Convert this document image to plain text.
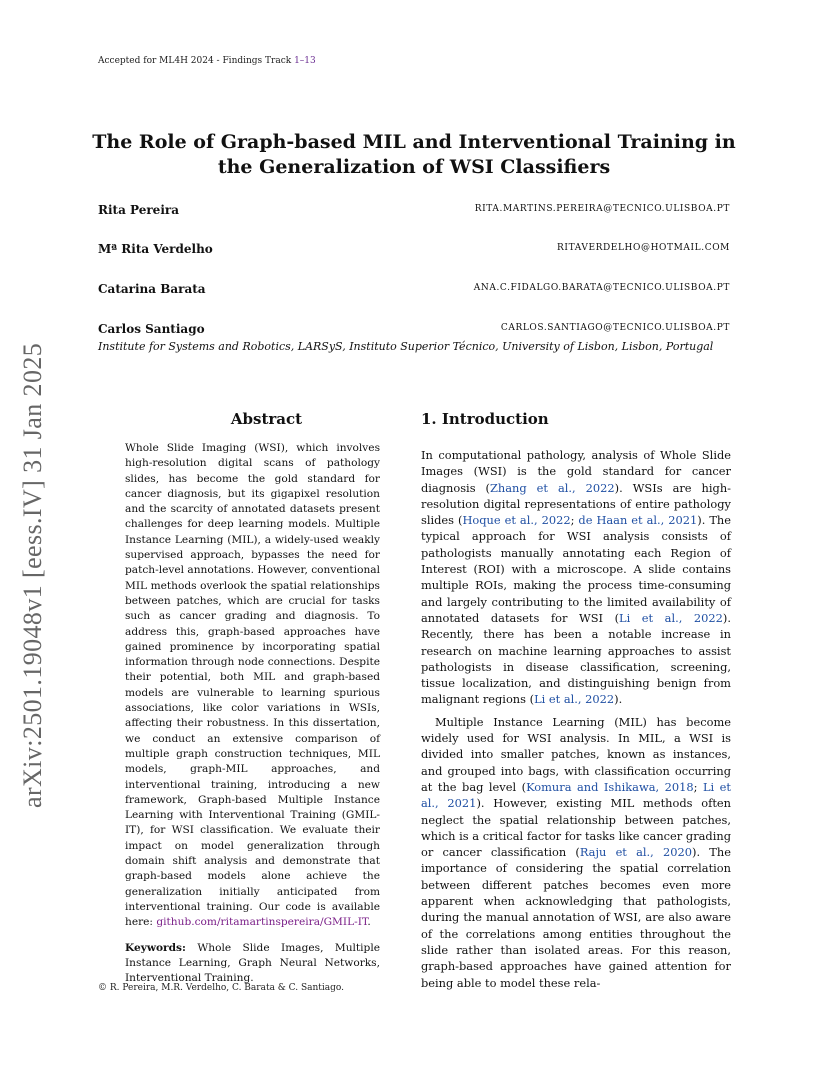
Accepted for ML4H 2024 - Findings Track 1–13
The Role of Graph-based MIL and Interventional Training in the Generalization of WSI Classifiers
Rita Pereira	RITA.MARTINS.PEREIRA@TECNICO.ULISBOA.PT
Mª Rita Verdelho	RITAVERDELHO@HOTMAIL.COM
Catarina Barata	ANA.C.FIDALGO.BARATA@TECNICO.ULISBOA.PT
Carlos Santiago	CARLOS.SANTIAGO@TECNICO.ULISBOA.PT
Institute for Systems and Robotics, LARSyS, Instituto Superior Técnico, University of Lisbon, Lisbon, Portugal
arXiv:2501.19048v1 [eess.IV] 31 Jan 2025	Abstract

Whole Slide Imaging (WSI), which involves high-resolution digital scans of pathology slides, has become the gold standard for cancer diagnosis, but its gigapixel resolution and the scarcity of annotated datasets present challenges for deep learning models. Multiple Instance Learning (MIL), a widely-used weakly supervised approach, bypasses the need for patch-level annotations. However, conventional MIL methods overlook the spatial relationships between patches, which are crucial for tasks such as cancer grading and diagnosis. To address this, graph-based approaches have gained prominence by incorporating spatial information through node connections. Despite their potential, both MIL and graph-based models are vulnerable to learning spurious associations, like color variations in WSIs, affecting their robustness. In this dissertation, we conduct an extensive comparison of multiple graph construction techniques, MIL models, graph-MIL approaches, and interventional training, introducing a new framework, Graph-based Multiple Instance Learning with Interventional Training (GMIL-IT), for WSI classification. We evaluate their impact on model generalization through domain shift analysis and demonstrate that graph-based models alone achieve the generalization initially anticipated from interventional training. Our code is available here: github.com/ritamartinspereira/GMIL-IT.

Keywords: Whole Slide Images, Multiple Instance Learning, Graph Neural Networks, Interventional Training.

1. Introduction

In computational pathology, analysis of Whole Slide Images (WSI) is the gold standard for cancer diagnosis (Zhang et al., 2022). WSIs are high-resolution digital representations of entire pathology slides (Hoque et al., 2022; de Haan et al., 2021). The typical approach for WSI analysis consists of pathologists manually annotating each Region of Interest (ROI) with a microscope. A slide contains multiple ROIs, making the process time-consuming and largely contributing to the limited availability of annotated datasets for WSI (Li et al., 2022). Recently, there has been a notable increase in research on machine learning approaches to assist pathologists in disease classification, screening, tissue localization, and distinguishing benign from malignant regions (Li et al., 2022).

Multiple Instance Learning (MIL) has become widely used for WSI analysis. In MIL, a WSI is divided into smaller patches, known as instances, and grouped into bags, with classification occurring at the bag level (Komura and Ishikawa, 2018; Li et al., 2021). However, existing MIL methods often neglect the spatial relationship between patches, which is a critical factor for tasks like cancer grading or cancer classification (Raju et al., 2020). The importance of considering the spatial correlation between different patches becomes even more apparent when acknowledging that pathologists, during the manual annotation of WSI, are also aware of the correlations among entities throughout the slide rather than isolated areas. For this reason, graph-based approaches have gained attention for being able to model these rela-

© R. Pereira, M.R. Verdelho, C. Barata & C. Santiago.
